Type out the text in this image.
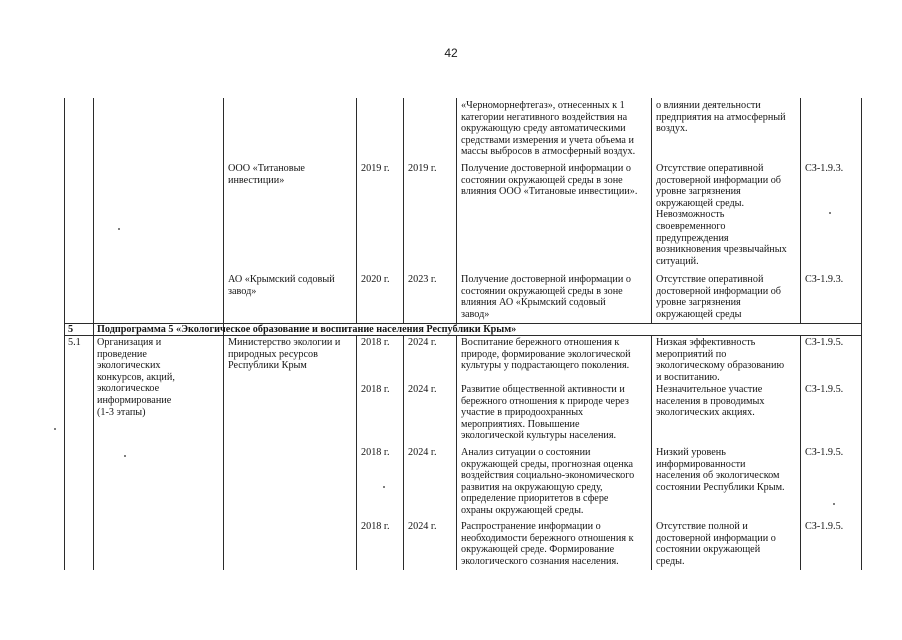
42
«Черноморнефтегаз», отнесенных к 1
категории негативного воздействия на
окружающую среду автоматическими
средствами измерения и учета объема и
массы выбросов в атмосферный воздух.
о влиянии деятельности
предприятия на атмосферный
воздух.
ООО «Титановые
инвестиции»
2019 г. 2019 г. Получение достоверной информации о
состоянии окружающей среды в зоне
влияния ООО «Титановые инвестиции».
Отсутствие оперативной
достоверной информации об
уровне загрязнения
окружающей среды.
Невозможность
своевременного
предупреждения
возникновения чрезвычайных
ситуаций.
СЗ-1.9.3.
АО «Крымский содовый
завод»
2020 г. 2023 г. Получение достоверной информации о
состоянии окружающей среды в зоне
влияния АО «Крымский содовый
завод»
Отсутствие оперативной
достоверной информации об
уровне загрязнения
окружающей среды
СЗ-1.9.3.
5 Подпрограмма 5 «Экологическое образование и воспитание населения Республики Крым»
5.1 Организация и
проведение
экологических
конкурсов, акций,
экологическое
информирование
(1-3 этапы)
Министерство экологии и
природных ресурсов
Республики Крым
2018 г. 2024 г. Воспитание бережного отношения к
природе, формирование экологической
культуры у подрастающего поколения.
Низкая эффективность
мероприятий по
экологическому образованию
и воспитанию.
СЗ-1.9.5.
2018 г. 2024 г. Развитие общественной активности и
бережного отношения к природе через
участие в природоохранных
мероприятиях. Повышение
экологической культуры населения.
Незначительное участие
населения в проводимых
экологических акциях.
СЗ-1.9.5.
2018 г. 2024 г. Анализ ситуации о состоянии
окружающей среды, прогнозная оценка
воздействия социально-экономического
развития на окружающую среду,
определение приоритетов в сфере
охраны окружающей среды.
Низкий уровень
информированности
населения об экологическом
состоянии Республики Крым.
СЗ-1.9.5.
2018 г. 2024 г. Распространение информации о
необходимости бережного отношения к
окружающей среде. Формирование
экологического сознания населения.
Отсутствие полной и
достоверной информации о
состоянии окружающей
среды.
СЗ-1.9.5.
